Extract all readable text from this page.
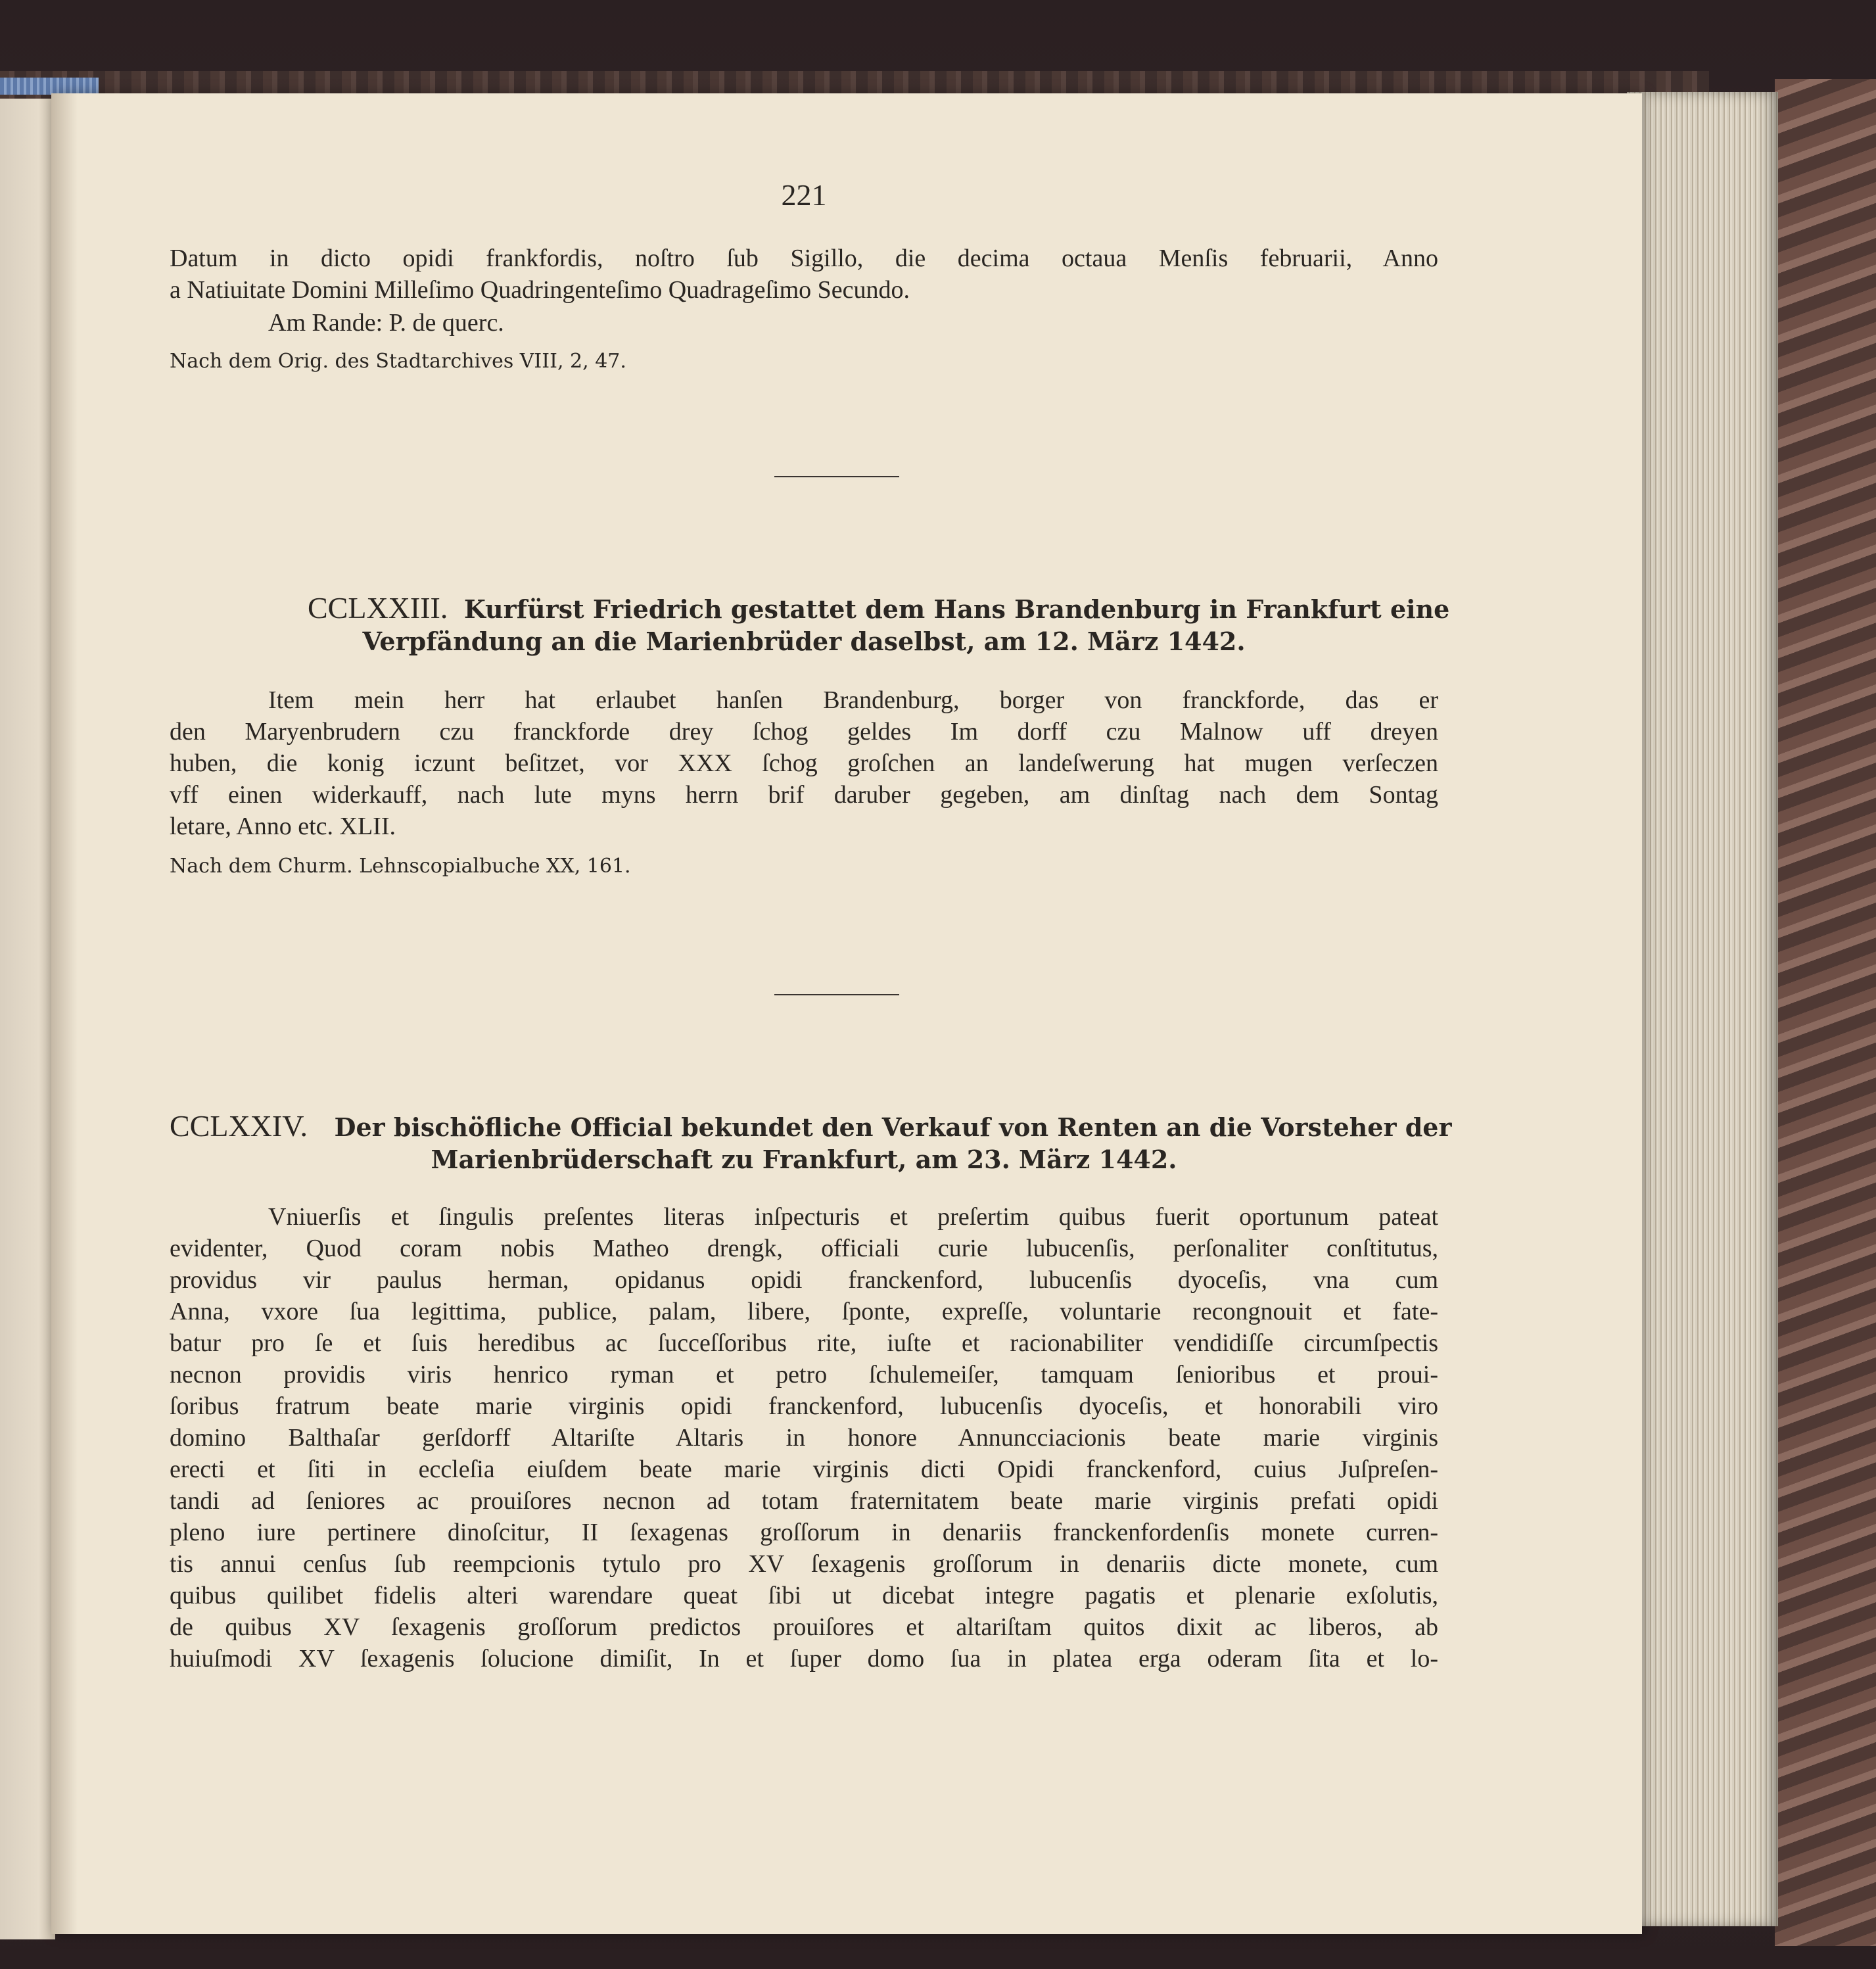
221
Datum in dicto opidi frankfordis, noſtro ſub Sigillo, die decima octaua Menſis februarii, Anno
a Natiuitate Domini Milleſimo Quadringenteſimo Quadrageſimo Secundo.
Am Rande: P. de querc.
Nach dem Orig. des Stadtarchives VIII, 2, 47.
CCLXXIII. Kurfürst Friedrich gestattet dem Hans Brandenburg in Frankfurt eine
Verpfändung an die Marienbrüder daselbst, am 12. März 1442.
Item mein herr hat erlaubet hanſen Brandenburg, borger von franckforde, das er
den Maryenbrudern czu franckforde drey ſchog geldes Im dorff czu Malnow uff dreyen
huben, die konig iczunt beſitzet, vor XXX ſchog groſchen an landeſwerung hat mugen verſeczen
vff einen widerkauff, nach lute myns herrn brif daruber gegeben, am dinſtag nach dem Sontag
letare, Anno etc. XLII.
Nach dem Churm. Lehnscopialbuche XX, 161.
CCLXXIV. Der bischöfliche Official bekundet den Verkauf von Renten an die Vorsteher der
Marienbrüderschaft zu Frankfurt, am 23. März 1442.
Vniuerſis et ſingulis preſentes literas inſpecturis et preſertim quibus fuerit oportunum pateat
evidenter, Quod coram nobis Matheo drengk, officiali curie lubucenſis, perſonaliter conſtitutus,
providus vir paulus herman, opidanus opidi franckenford, lubucenſis dyoceſis, vna cum
Anna, vxore ſua legittima, publice, palam, libere, ſponte, expreſſe, voluntarie recongnouit et fate-
batur pro ſe et ſuis heredibus ac ſucceſſoribus rite, iuſte et racionabiliter vendidiſſe circumſpectis
necnon providis viris henrico ryman et petro ſchulemeiſer, tamquam ſenioribus et proui-
ſoribus fratrum beate marie virginis opidi franckenford, lubucenſis dyoceſis, et honorabili viro
domino Balthaſar gerſdorff Altariſte Altaris in honore Annuncciacionis beate marie virginis
erecti et ſiti in eccleſia eiuſdem beate marie virginis dicti Opidi franckenford, cuius Juſpreſen-
tandi ad ſeniores ac prouiſores necnon ad totam fraternitatem beate marie virginis prefati opidi
pleno iure pertinere dinoſcitur, II ſexagenas groſſorum in denariis franckenfordenſis monete curren-
tis annui cenſus ſub reempcionis tytulo pro XV ſexagenis groſſorum in denariis dicte monete, cum
quibus quilibet fidelis alteri warendare queat ſibi ut dicebat integre pagatis et plenarie exſolutis,
de quibus XV ſexagenis groſſorum predictos prouiſores et altariſtam quitos dixit ac liberos, ab
huiuſmodi XV ſexagenis ſolucione dimiſit, In et ſuper domo ſua in platea erga oderam ſita et lo-
